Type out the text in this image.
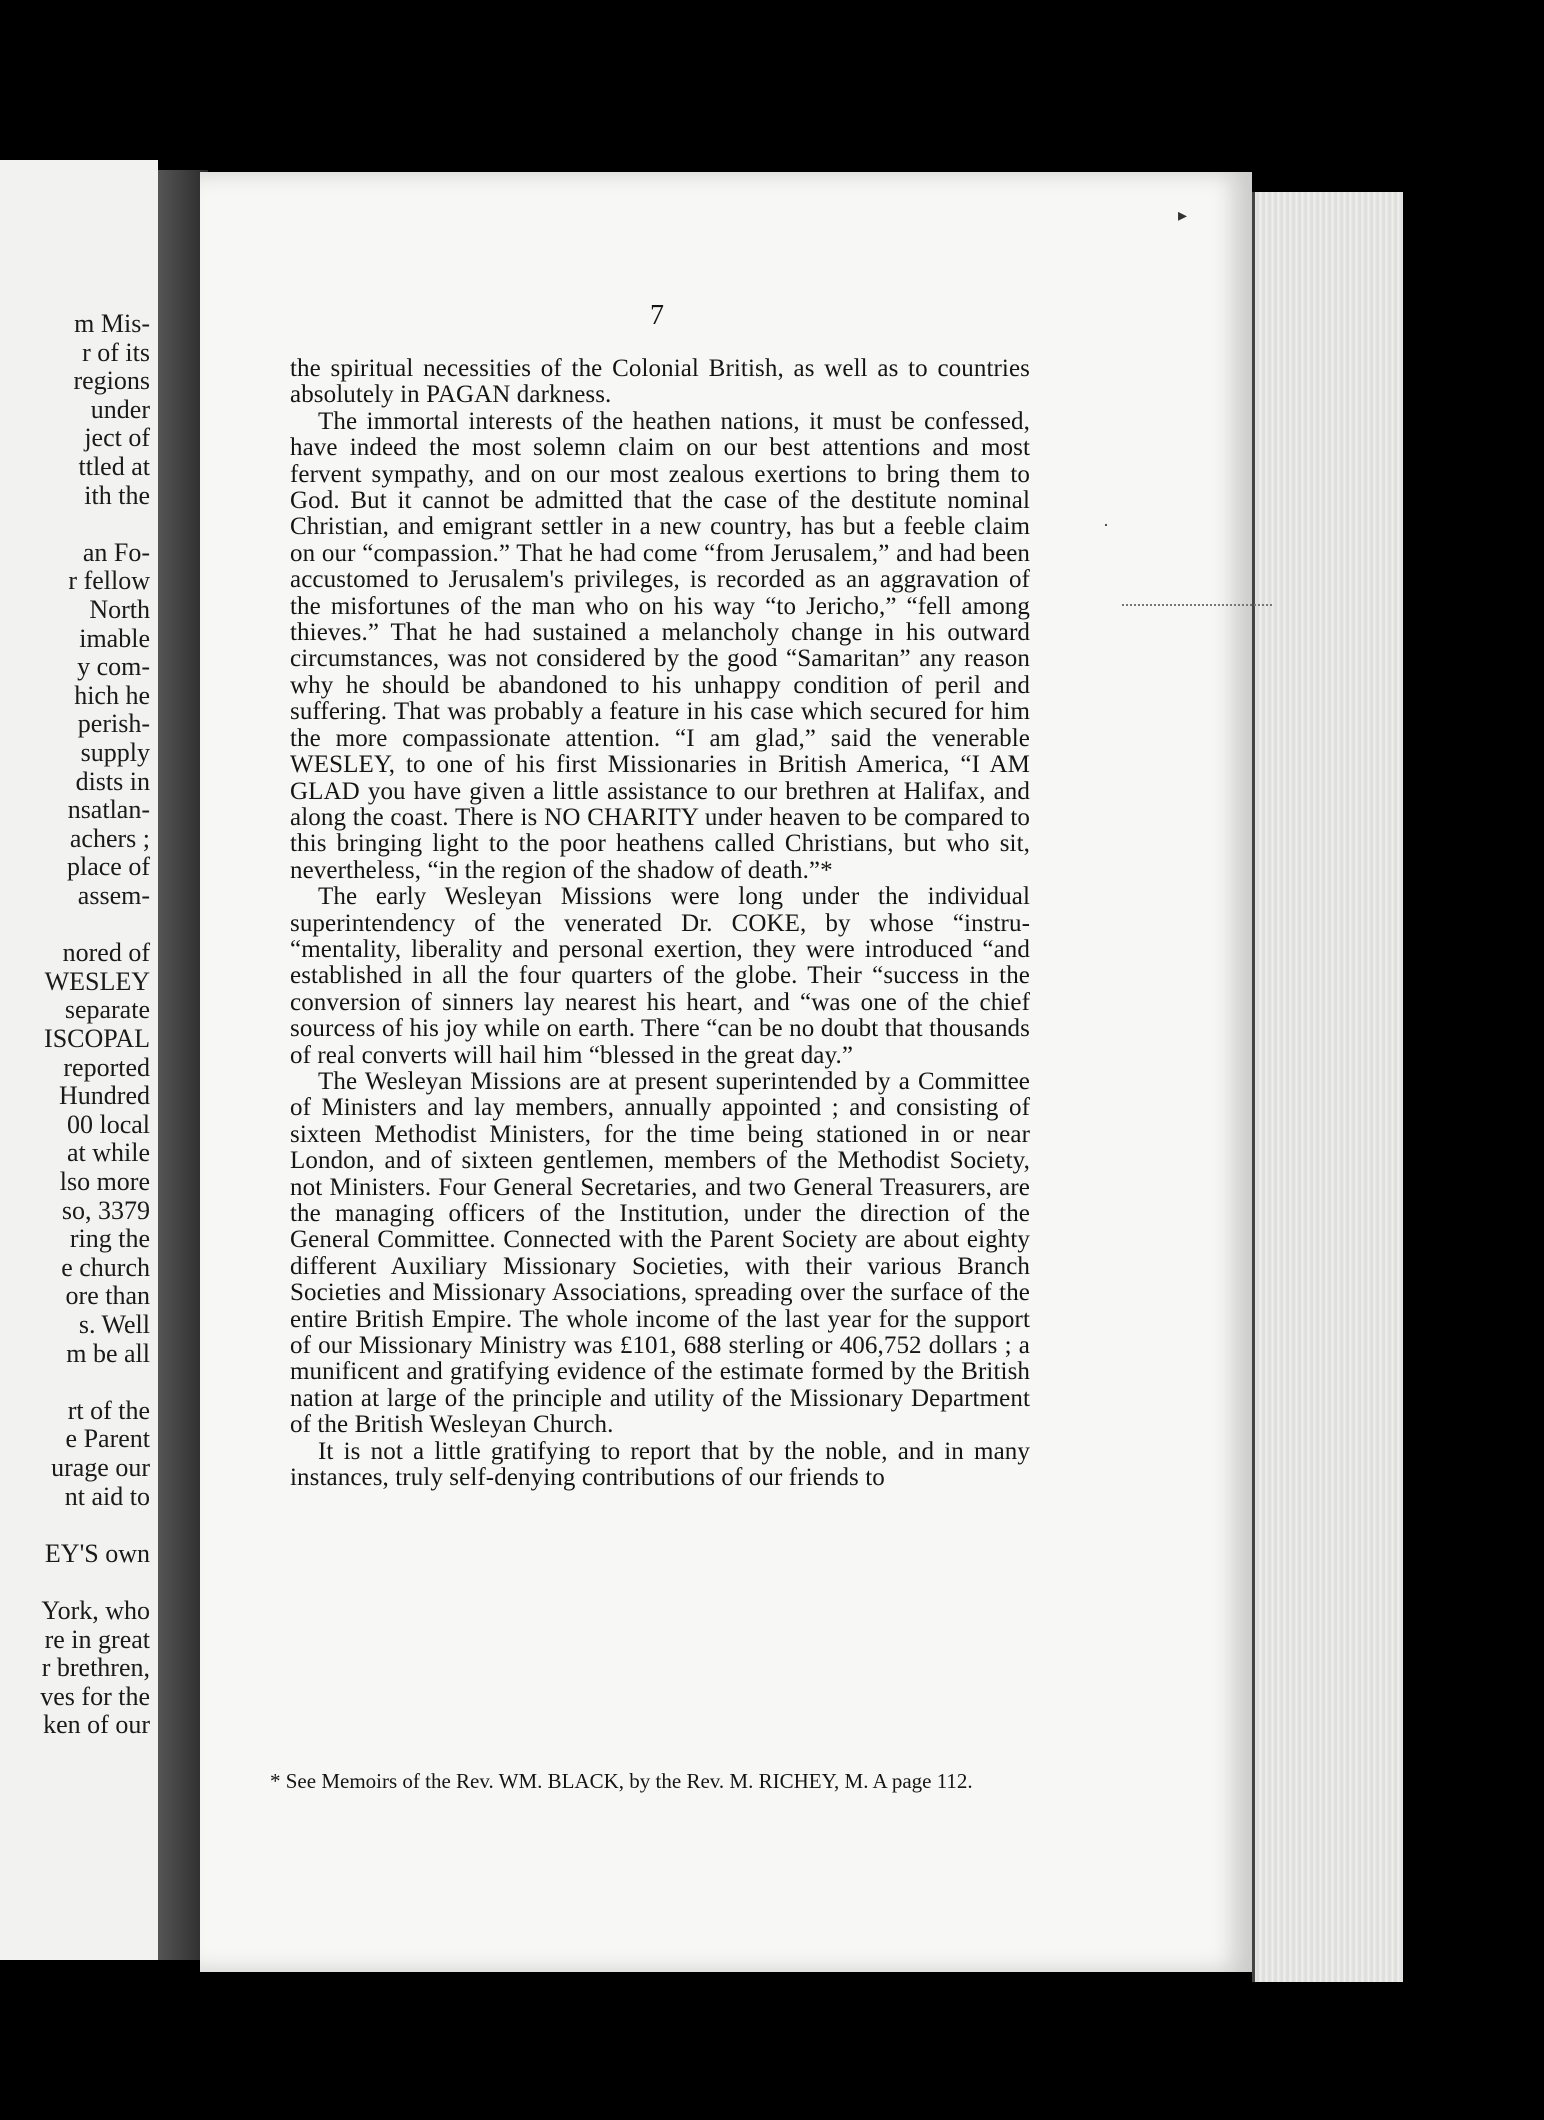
m Mis-
r of its
regions
under
ject of
ttled at
ith the
an Fo-
r fellow
North
imable
y com-
hich he
perish-
supply
dists in
nsatlan-
achers ;
place of
assem-
nored of
WESLEY
separate
ISCOPAL
reported
Hundred
00 local
at while
lso more
so, 3379
ring the
e church
ore than
s. Well
m be all
rt of the
e Parent
urage our
nt aid to
EY'S own
York, who
re in great
r brethren,
ves for the
ken of our
7

the spiritual necessities of the Colonial British, as well as to countries absolutely in PAGAN darkness.

The immortal interests of the heathen nations, it must be confessed, have indeed the most solemn claim on our best attentions and most fervent sympathy, and on our most zealous exertions to bring them to God. But it cannot be admitted that the case of the destitute nominal Christian, and emigrant settler in a new country, has but a feeble claim on our “compassion.” That he had come “from Jerusalem,” and had been accustomed to Jerusalem's privileges, is recorded as an aggravation of the misfortunes of the man who on his way “to Jericho,” “fell among thieves.” That he had sustained a melancholy change in his outward circumstances, was not considered by the good “Samaritan” any reason why he should be abandoned to his unhappy condition of peril and suffering. That was probably a feature in his case which secured for him the more compassionate attention. “I am glad,” said the venerable WESLEY, to one of his first Missionaries in British America, “I AM GLAD you have given a little assistance to our brethren at Halifax, and along the coast. There is NO CHARITY under heaven to be compared to this bringing light to the poor heathens called Christians, but who sit, nevertheless, “in the region of the shadow of death.”*

The early Wesleyan Missions were long under the individual superintendency of the venerated Dr. COKE, by whose “instru- “mentality, liberality and personal exertion, they were introduced “and established in all the four quarters of the globe. Their “success in the conversion of sinners lay nearest his heart, and “was one of the chief sourcess of his joy while on earth. There “can be no doubt that thousands of real converts will hail him “blessed in the great day.”

The Wesleyan Missions are at present superintended by a Committee of Ministers and lay members, annually appointed ; and consisting of sixteen Methodist Ministers, for the time being stationed in or near London, and of sixteen gentlemen, members of the Methodist Society, not Ministers. Four General Secretaries, and two General Treasurers, are the managing officers of the Institution, under the direction of the General Committee. Connected with the Parent Society are about eighty different Auxiliary Missionary Societies, with their various Branch Societies and Missionary Associations, spreading over the surface of the entire British Empire. The whole income of the last year for the support of our Missionary Ministry was £101, 688 sterling or 406,752 dollars ; a munificent and gratifying evidence of the estimate formed by the British nation at large of the principle and utility of the Missionary Department of the British Wesleyan Church.

It is not a little gratifying to report that by the noble, and in many instances, truly self-denying contributions of our friends to

* See Memoirs of the Rev. WM. BLACK, by the Rev. M. RICHEY, M. A page 112.
·
▸
